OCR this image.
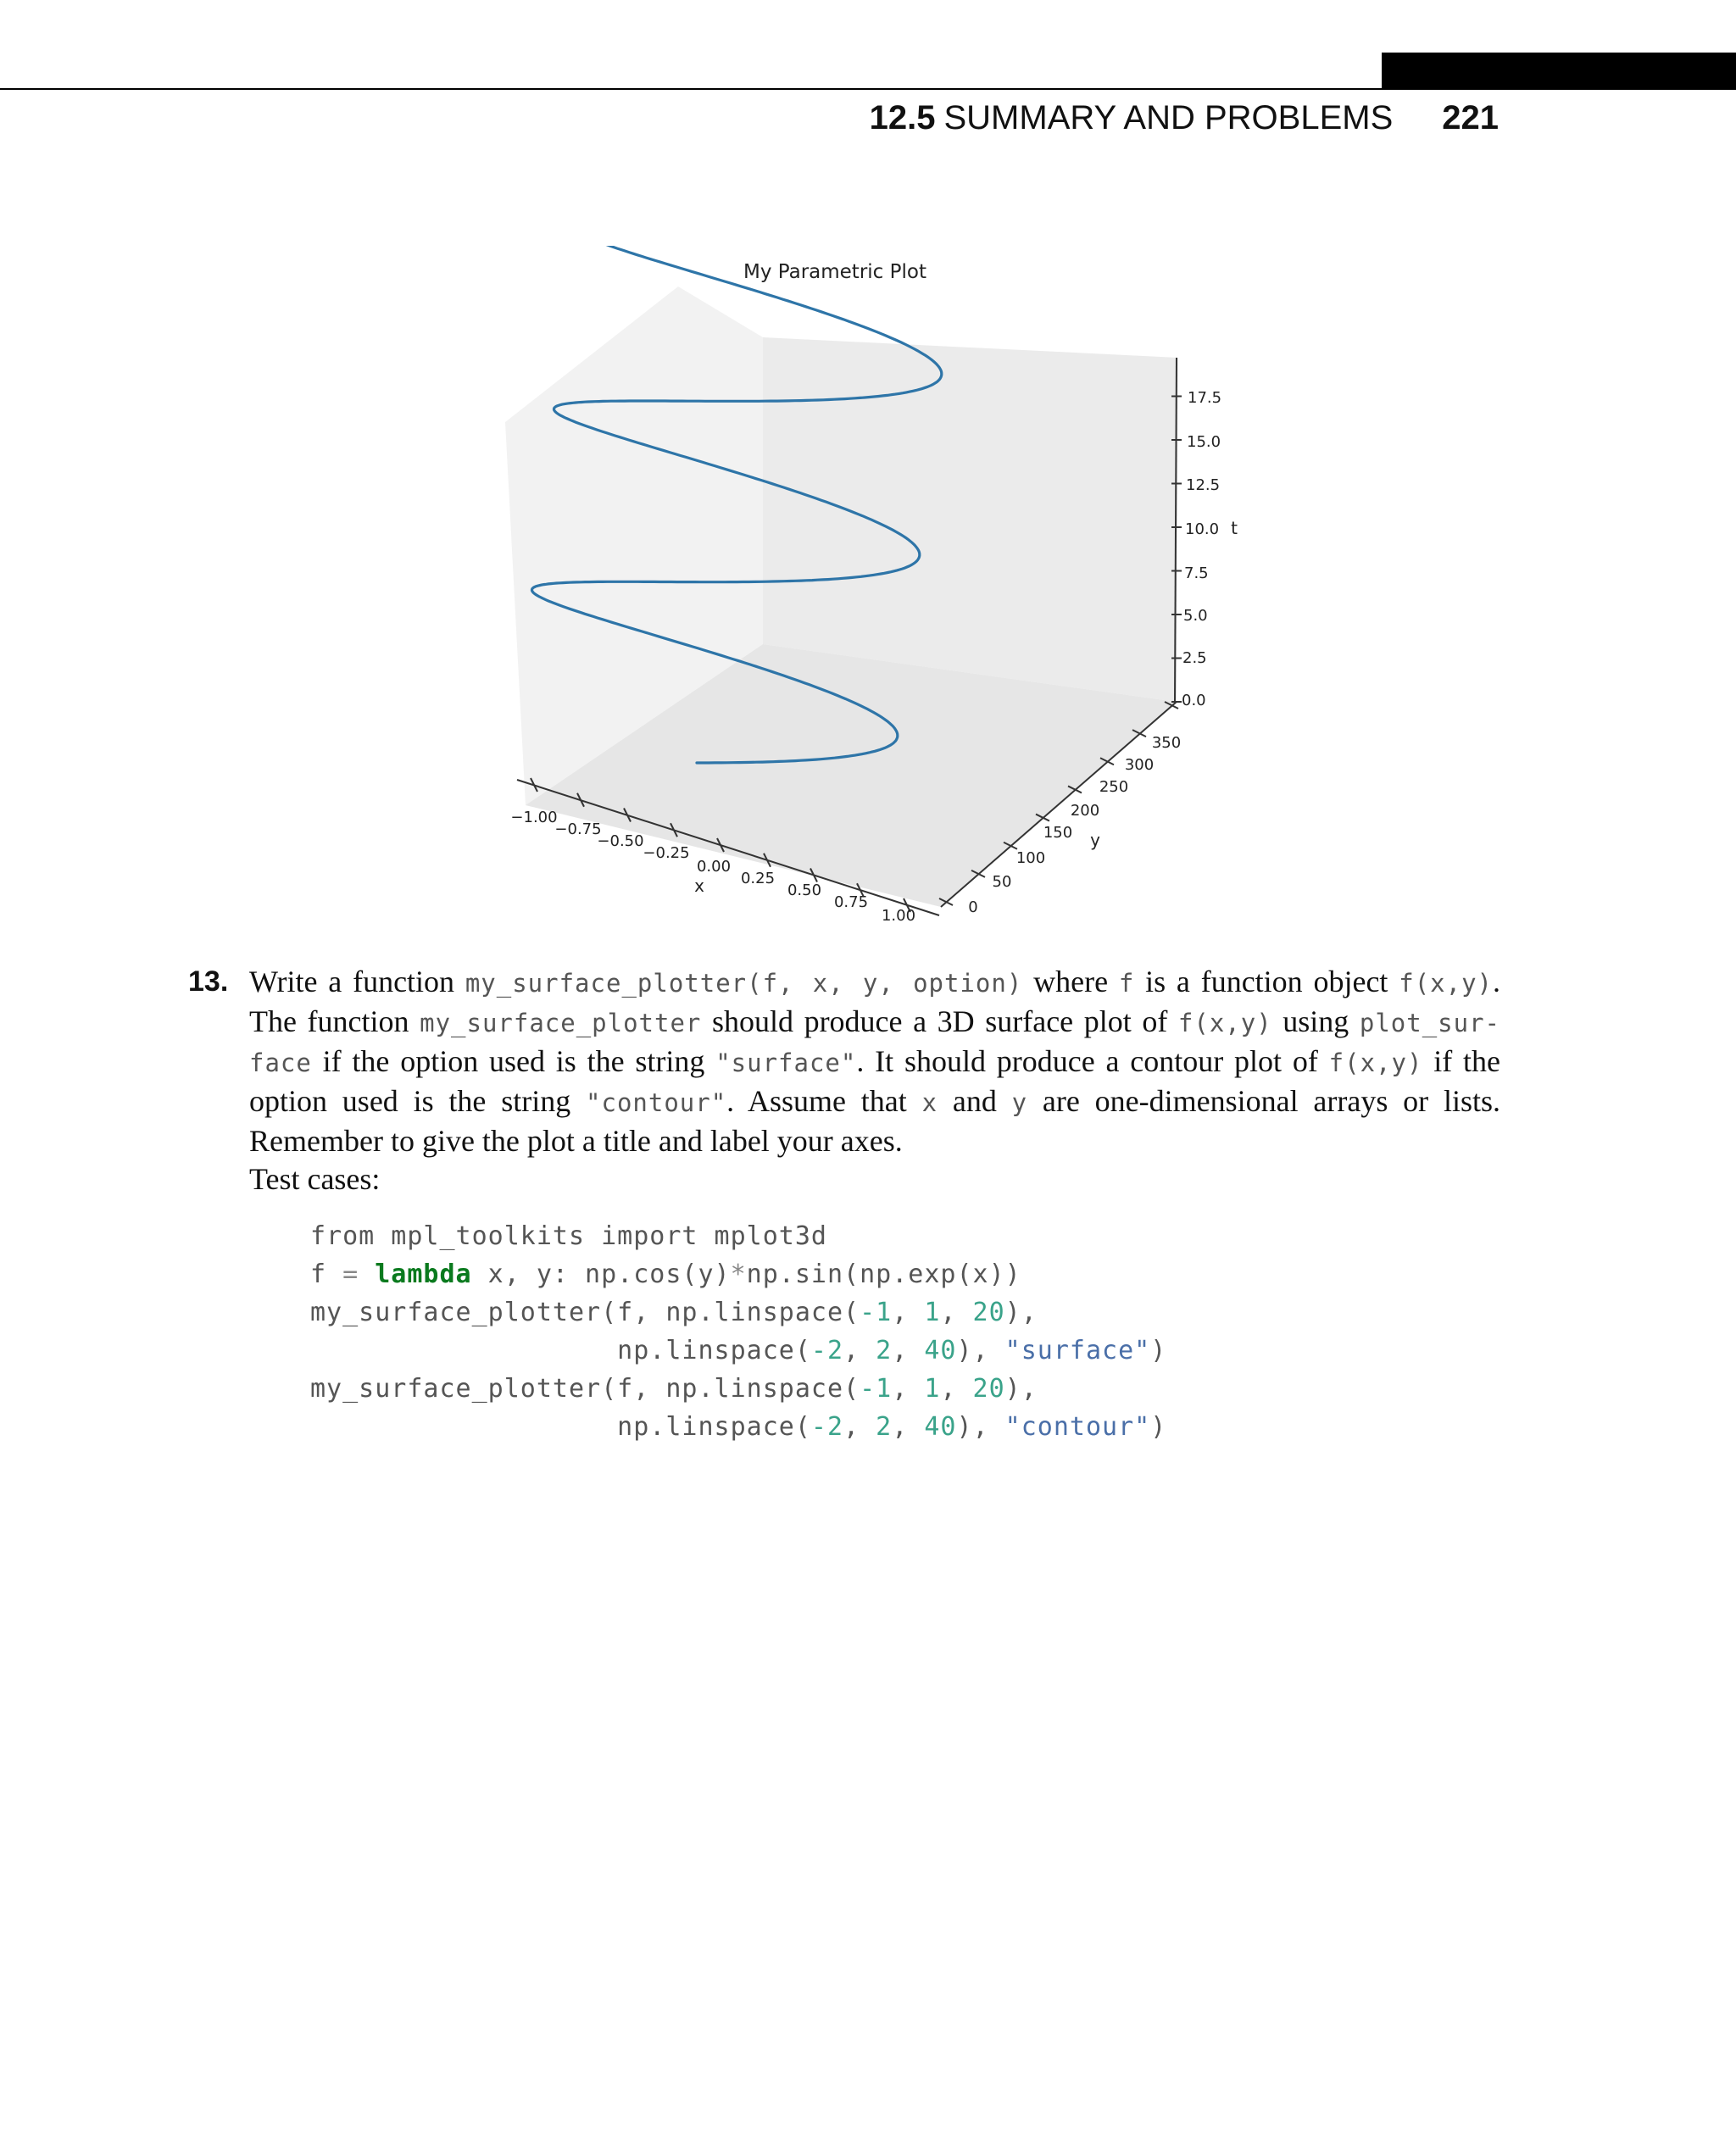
12.5 SUMMARY AND PROBLEMS 221
My Parametric Plot
x
y
t
−1.00
−0.75
−0.50
−0.25
0.00
0.25
0.50
0.75
1.00	0
50
100
150
200
250
300
350
0.0
2.5
5.0
7.5
10.0
12.5
15.0
17.5
13. Write a function my_surface_plotter(f, x, y, option) where f is a function object f(x,y). The function my_surface_plotter should produce a 3D surface plot of f(x,y) using plot_sur-face if the option used is the string "surface". It should produce a contour plot of f(x,y) if the option used is the string "contour". Assume that x and y are one-dimensional arrays or lists. Remember to give the plot a title and label your axes.

Test cases:

from mpl_toolkits import mplot3d
f = lambda x, y: np.cos(y)*np.sin(np.exp(x))
my_surface_plotter(f, np.linspace(-1, 1, 20),
np.linspace(-2, 2, 40), "surface")
my_surface_plotter(f, np.linspace(-1, 1, 20),
np.linspace(-2, 2, 40), "contour")
